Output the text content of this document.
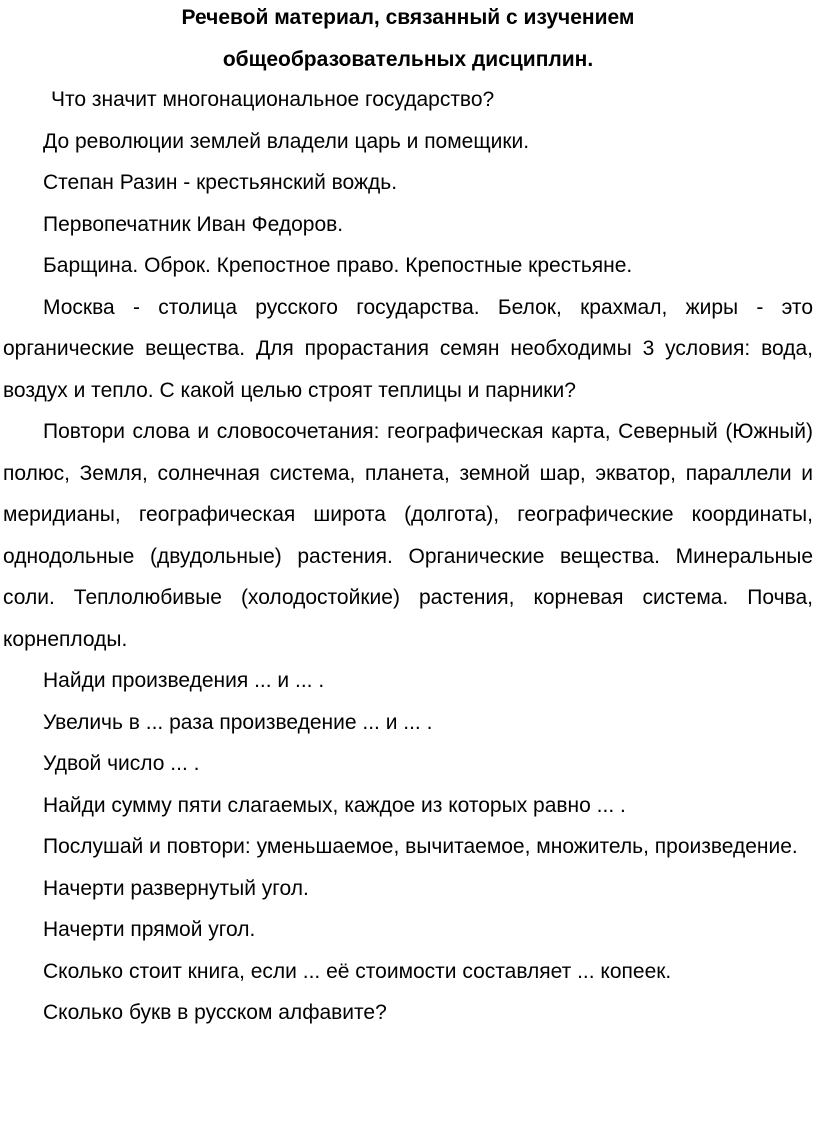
Речевой материал, связанный с изучением
общеобразовательных дисциплин.

Что значит многонациональное государство?

До революции землей владели царь и помещики.

Степан Разин - крестьянский вождь.

Первопечатник Иван Федоров.

Барщина. Оброк. Крепостное право. Крепостные крестьяне.

Москва - столица русского государства. Белок, крахмал, жиры - это органические вещества. Для прорастания семян необходимы 3 условия: вода, воздух и тепло. С какой целью строят теплицы и парники?

Повтори слова и словосочетания: географическая карта, Северный (Южный) полюс, Земля, солнечная система, планета, земной шар, экватор, параллели и меридианы, географическая широта (долгота), географические координаты, однодольные (двудольные) растения. Органические вещества. Минеральные соли. Теплолюбивые (холодостойкие) растения, корневая система. Почва, корнеплоды.

Найди произведения ... и ... .

Увеличь в ... раза произведение ... и ... .

Удвой число ... .

Найди сумму пяти слагаемых, каждое из которых равно ... .

Послушай и повтори: уменьшаемое, вычитаемое, множитель, произведение.

Начерти развернутый угол.

Начерти прямой угол.

Сколько стоит книга, если ... её стоимости составляет ... копеек.

Сколько букв в русском алфавите?
